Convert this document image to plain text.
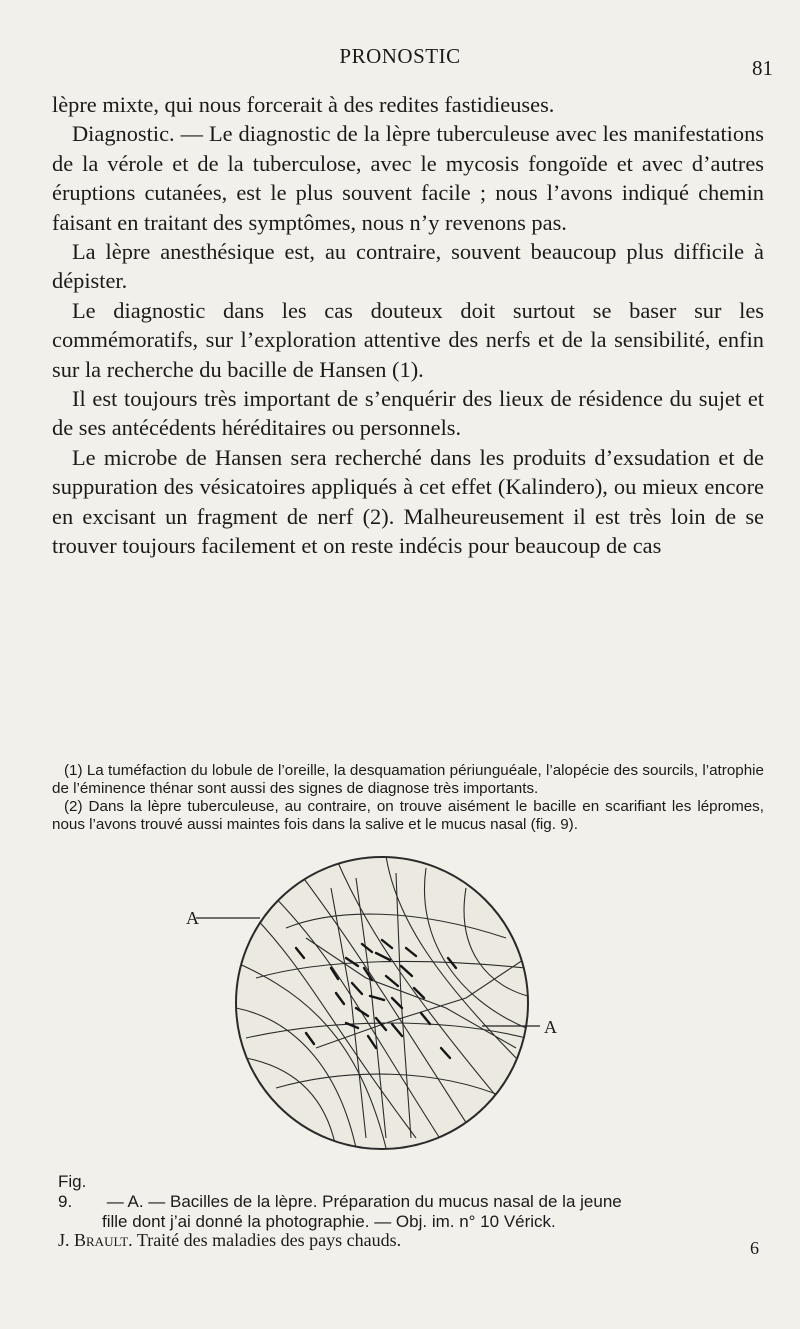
PRONOSTIC	81

lèpre mixte, qui nous forcerait à des redites fastidieuses.

Diagnostic. — Le diagnostic de la lèpre tuberculeuse avec les manifestations de la vérole et de la tuberculose, avec le mycosis fongoïde et avec d’autres éruptions cutanées, est le plus souvent facile ; nous l’avons indiqué chemin faisant en traitant des symptômes, nous n’y revenons pas.

La lèpre anesthésique est, au contraire, souvent beaucoup plus difficile à dépister.

Le diagnostic dans les cas douteux doit surtout se baser sur les commémoratifs, sur l’exploration attentive des nerfs et de la sensibilité, enfin sur la recherche du bacille de Hansen (1).

Il est toujours très important de s’enquérir des lieux de résidence du sujet et de ses antécédents héréditaires ou personnels.

Le microbe de Hansen sera recherché dans les produits d’exsudation et de suppuration des vésicatoires appliqués à cet effet (Kalindero), ou mieux encore en excisant un fragment de nerf (2). Malheureusement il est très loin de se trouver toujours facilement et on reste indécis pour beaucoup de cas

(1) La tuméfaction du lobule de l’oreille, la desquamation périunguéale, l’alopécie des sourcils, l’atrophie de l’éminence thénar sont aussi des signes de diagnose très importants.

(2) Dans la lèpre tuberculeuse, au contraire, on trouve aisément le bacille en scarifiant les lépromes, nous l’avons trouvé aussi maintes fois dans la salive et le mucus nasal (fig. 9).

A
A

Fig. 9. — A. — Bacilles de la lèpre. Préparation du mucus nasal de la jeune

fille dont j’ai donné la photographie. — Obj. im. n° 10 Vérick.

J. Brault. Traité des maladies des pays chauds.	6
